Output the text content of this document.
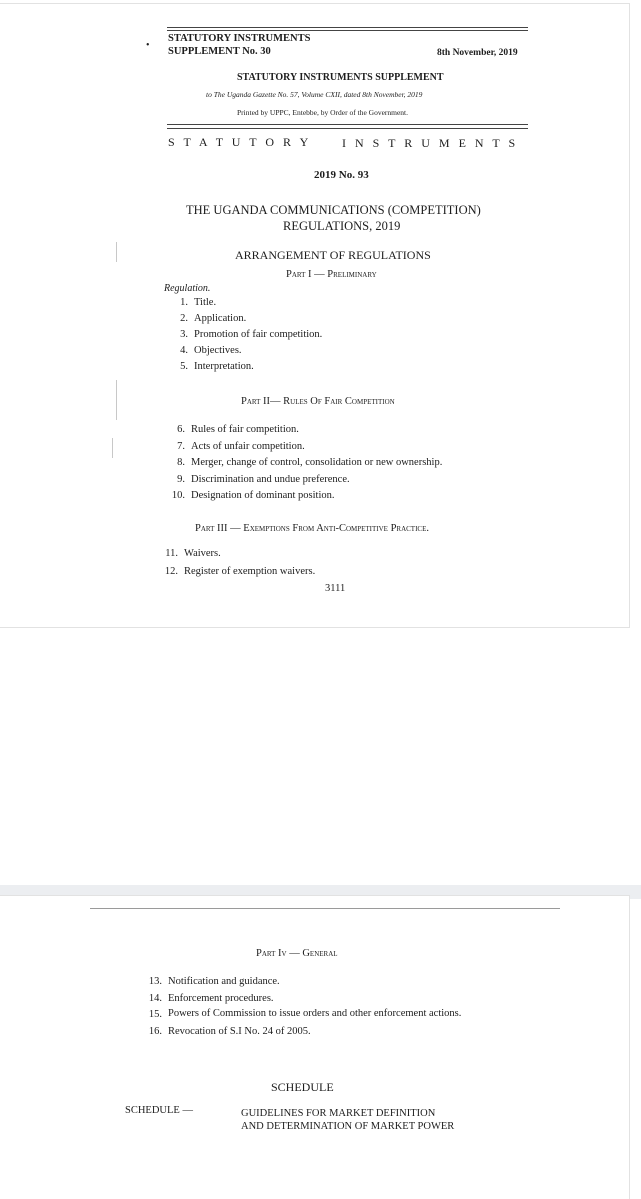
STATUTORY INSTRUMENTS
SUPPLEMENT No. 30
•
8th November, 2019
STATUTORY INSTRUMENTS SUPPLEMENT
to The Uganda Gazette No. 57, Volume CXII, dated 8th November, 2019
Printed by UPPC, Entebbe, by Order of the Government.
S T A T U T O R Y	I N S T R U M E N T S
2019 No. 93
THE UGANDA COMMUNICATIONS (COMPETITION)
REGULATIONS, 2019
ARRANGEMENT OF REGULATIONS
Part I — Preliminary
Regulation.
1. Title.
2. Application.
3. Promotion of fair competition.
4. Objectives.
5. Interpretation.
Part II— Rules Of Fair Competition
6. Rules of fair competition.
7. Acts of unfair competition.
8. Merger, change of control, consolidation or new ownership.
9. Discrimination and undue preference.
10. Designation of dominant position.
Part III — Exemptions From Anti-Competitive Practice.
11. Waivers.
12. Register of exemption waivers.
3111
Part Iv — General
13. Notification and guidance.
14. Enforcement procedures.
15. Powers of Commission to issue orders and other enforcement actions.
16. Revocation of S.I No. 24 of 2005.
SCHEDULE
SCHEDULE —	GUIDELINES FOR MARKET DEFINITION
AND DETERMINATION OF MARKET POWER
